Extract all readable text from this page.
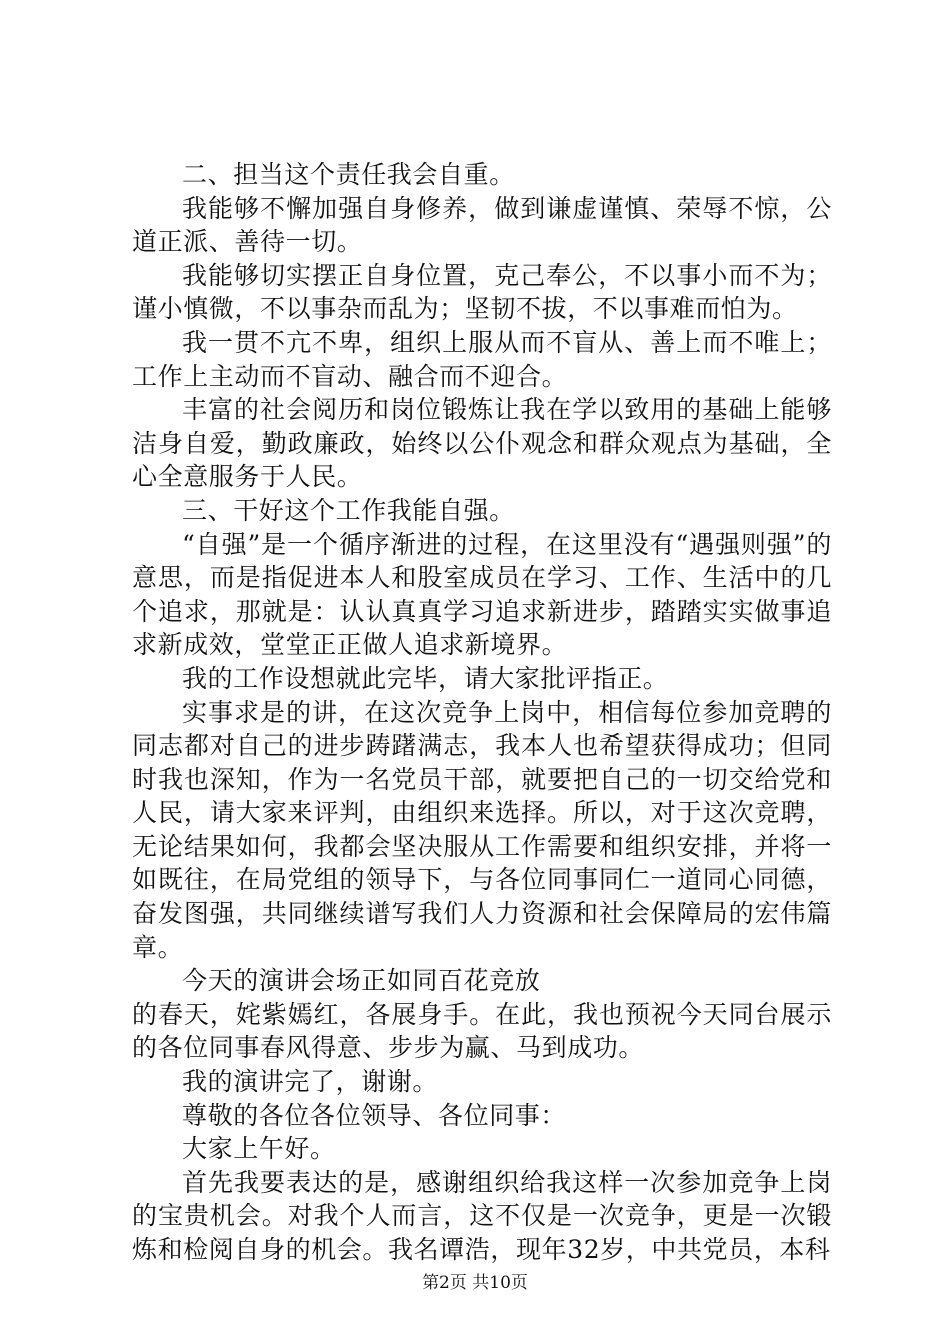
二、担当这个责任我会自重。

我能够不懈加强自身修养，做到谦虚谨慎、荣辱不惊，公道正派、善待一切。

我能够切实摆正自身位置，克己奉公，不以事小而不为；谨小慎微，不以事杂而乱为；坚韧不拔，不以事难而怕为。

我一贯不亢不卑，组织上服从而不盲从、善上而不唯上；工作上主动而不盲动、融合而不迎合。

丰富的社会阅历和岗位锻炼让我在学以致用的基础上能够洁身自爱，勤政廉政，始终以公仆观念和群众观点为基础，全心全意服务于人民。

三、干好这个工作我能自强。

“自强”是一个循序渐进的过程，在这里没有“遇强则强”的意思，而是指促进本人和股室成员在学习、工作、生活中的几个追求，那就是：认认真真学习追求新进步，踏踏实实做事追求新成效，堂堂正正做人追求新境界。

我的工作设想就此完毕，请大家批评指正。

实事求是的讲，在这次竞争上岗中，相信每位参加竞聘的同志都对自己的进步踌躇满志，我本人也希望获得成功；但同时我也深知，作为一名党员干部，就要把自己的一切交给党和人民，请大家来评判，由组织来选择。所以，对于这次竞聘，无论结果如何，我都会坚决服从工作需要和组织安排，并将一如既往，在局党组的领导下，与各位同事同仁一道同心同德，奋发图强，共同继续谱写我们人力资源和社会保障局的宏伟篇章。

今天的演讲会场正如同百花竞放

的春天，姹紫嫣红，各展身手。在此，我也预祝今天同台展示的各位同事春风得意、步步为赢、马到成功。

我的演讲完了，谢谢。

尊敬的各位各位领导、各位同事：

大家上午好。

首先我要表达的是，感谢组织给我这样一次参加竞争上岗的宝贵机会。对我个人而言，这不仅是一次竞争，更是一次锻炼和检阅自身的机会。我名谭浩，现年32岁，中共党员，本科

第2页 共10页
